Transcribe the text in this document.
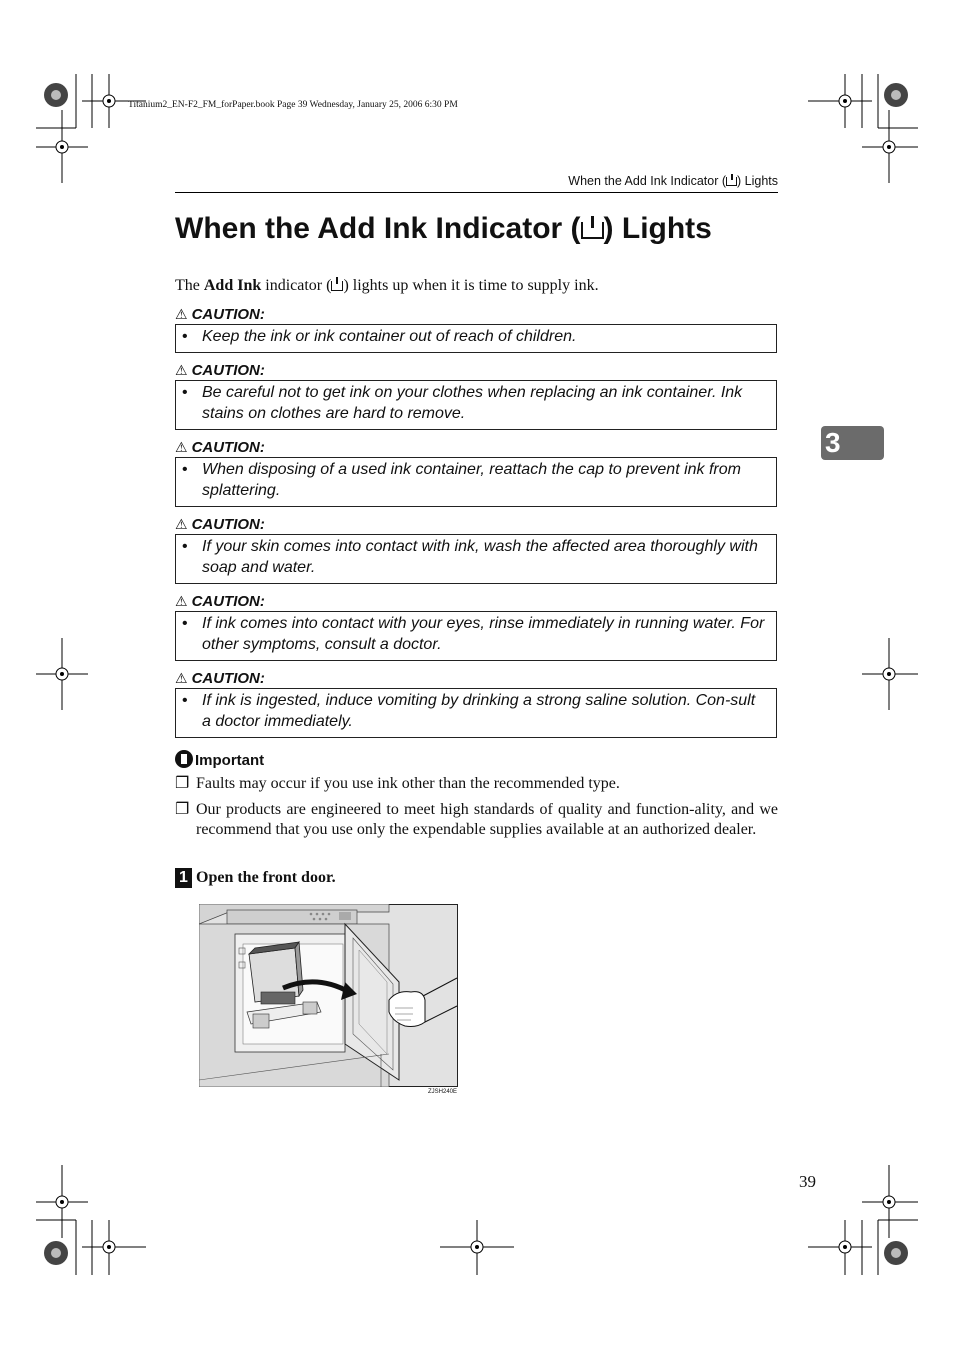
Titanium2_EN-F2_FM_forPaper.book Page 39 Wednesday, January 25, 2006 6:30 PM
When the Add Ink Indicator ( ) Lights
When the Add Ink Indicator ( ) Lights
The Add Ink indicator ( ) lights up when it is time to supply ink.
⚠ CAUTION:
• Keep the ink or ink container out of reach of children.
⚠ CAUTION:
• Be careful not to get ink on your clothes when replacing an ink container. Ink stains on clothes are hard to remove.
⚠ CAUTION:
• When disposing of a used ink container, reattach the cap to prevent ink from splattering.
⚠ CAUTION:
• If your skin comes into contact with ink, wash the affected area thoroughly with soap and water.
⚠ CAUTION:
• If ink comes into contact with your eyes, rinse immediately in running water. For other symptoms, consult a doctor.
⚠ CAUTION:
• If ink is ingested, induce vomiting by drinking a strong saline solution. Con-sult a doctor immediately.
Important
❐ Faults may occur if you use ink other than the recommended type.
❐ Our products are engineered to meet high standards of quality and function-ality, and we recommend that you use only the expendable supplies available at an authorized dealer.
1 Open the front door.
ZJSH240E
3
39
